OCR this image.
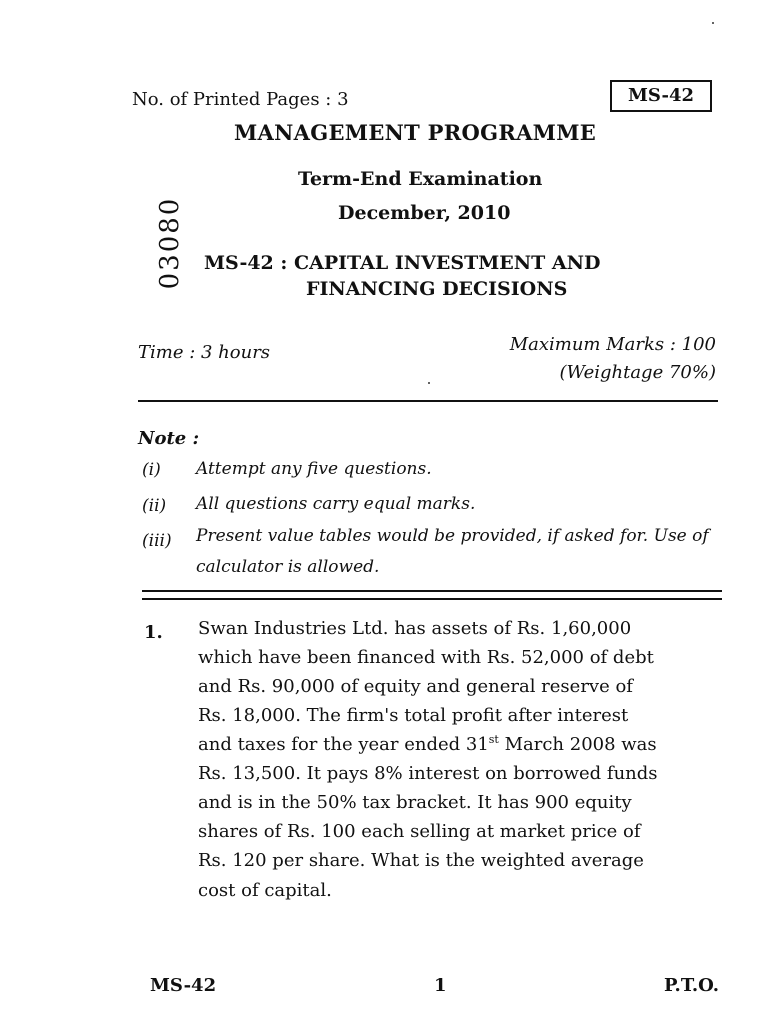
No. of Printed Pages : 3	MS-42
MANAGEMENT PROGRAMME
Term-End Examination
December, 2010
03080 MS-42 : CAPITAL INVESTMENT AND
FINANCING DECISIONS
Time : 3 hours	Maximum Marks : 100
(Weightage 70%)
Note :
(i) Attempt any five questions.
(ii) All questions carry equal marks.
(iii) Present value tables would be provided, if asked for. Use of
calculator is allowed.
1. Swan Industries Ltd. has assets of Rs. 1,60,000
which have been financed with Rs. 52,000 of debt
and Rs. 90,000 of equity and general reserve of
Rs. 18,000. The firm's total profit after interest
and taxes for the year ended 31st March 2008 was
Rs. 13,500. It pays 8% interest on borrowed funds
and is in the 50% tax bracket. It has 900 equity
shares of Rs. 100 each selling at market price of
Rs. 120 per share. What is the weighted average
cost of capital.
MS-42	1	P.T.O.
